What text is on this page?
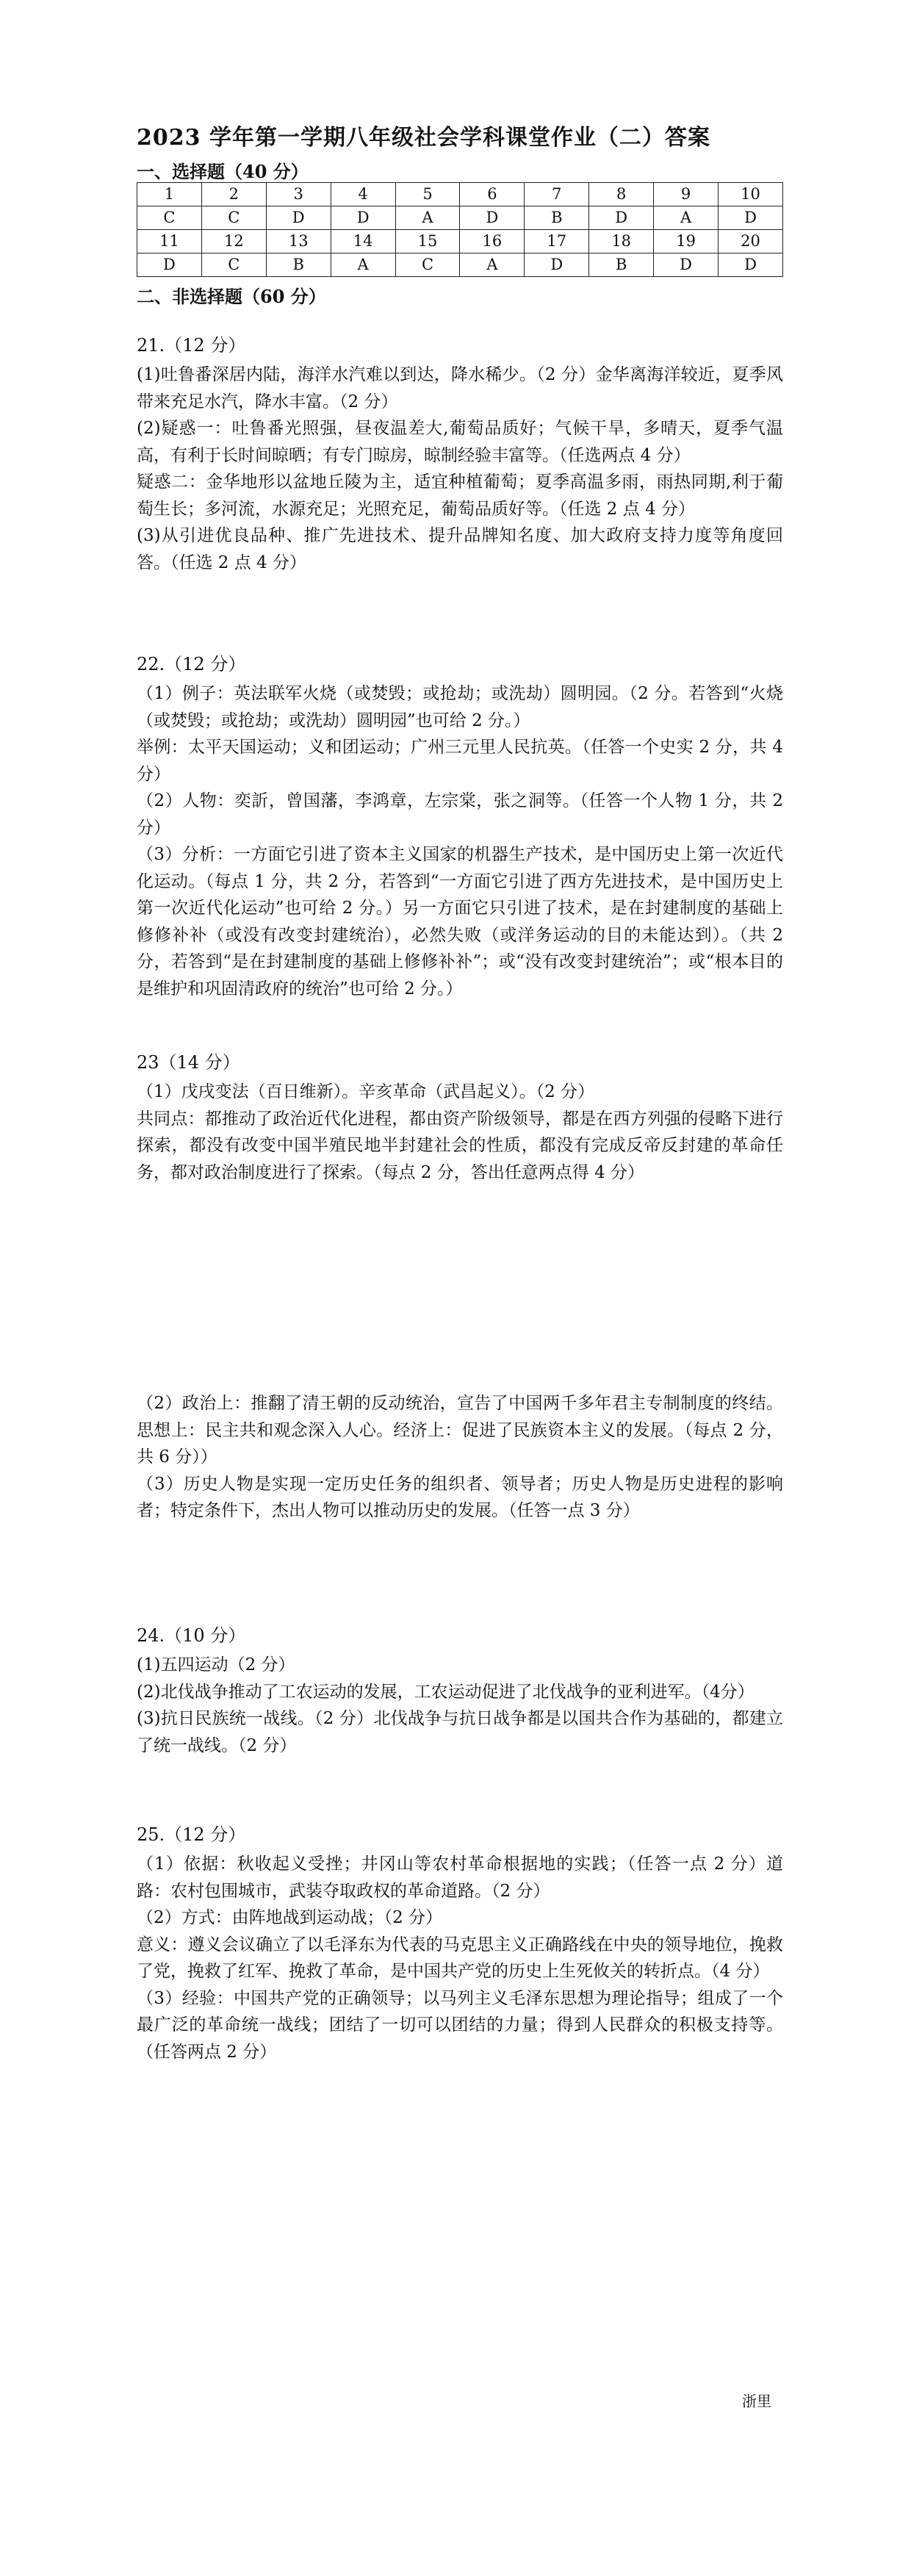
2023 学年第一学期八年级社会学科课堂作业（二）答案
一、选择题（40 分）
1	2	3	4	5	6	7	8	9	10
C	C	D	D	A	D	B	D	A	D
11	12	13	14	15	16	17	18	19	20
D	C	B	A	C	A	D	B	D	D
二、非选择题（60 分）
21.（12 分）

(1)吐鲁番深居内陆，海洋水汽难以到达，降水稀少。（2 分）金华离海洋较近，夏季风带来充足水汽，降水丰富。（2 分）

(2)疑惑一：吐鲁番光照强，昼夜温差大,葡萄品质好；气候干旱，多晴天，夏季气温高，有利于长时间晾晒；有专门晾房，晾制经验丰富等。（任选两点 4 分）

疑惑二：金华地形以盆地丘陵为主，适宜种植葡萄；夏季高温多雨，雨热同期,利于葡萄生长；多河流，水源充足；光照充足，葡萄品质好等。（任选 2 点 4 分）

(3)从引进优良品种、推广先进技术、提升品牌知名度、加大政府支持力度等角度回答。（任选 2 点 4 分）

22.（12 分）

（1）例子：英法联军火烧（或焚毁；或抢劫；或洗劫）圆明园。（2 分。若答到“火烧（或焚毁；或抢劫；或洗劫）圆明园”也可给 2 分。）

举例：太平天国运动；义和团运动；广州三元里人民抗英。（任答一个史实 2 分，共 4 分）

（2）人物：奕訢，曾国藩，李鸿章，左宗棠，张之洞等。（任答一个人物 1 分，共 2 分）

（3）分析：一方面它引进了资本主义国家的机器生产技术，是中国历史上第一次近代化运动。（每点 1 分，共 2 分，若答到“一方面它引进了西方先进技术，是中国历史上第一次近代化运动”也可给 2 分。）另一方面它只引进了技术，是在封建制度的基础上修修补补（或没有改变封建统治），必然失败（或洋务运动的目的未能达到）。（共 2 分，若答到“是在封建制度的基础上修修补补”；或“没有改变封建统治”；或“根本目的是维护和巩固清政府的统治”也可给 2 分。）

23（14 分）

（1）戊戌变法（百日维新）。辛亥革命（武昌起义）。（2 分）

共同点：都推动了政治近代化进程，都由资产阶级领导，都是在西方列强的侵略下进行探索，都没有改变中国半殖民地半封建社会的性质，都没有完成反帝反封建的革命任务，都对政治制度进行了探索。（每点 2 分，答出任意两点得 4 分）

（2）政治上：推翻了清王朝的反动统治，宣告了中国两千多年君主专制制度的终结。思想上：民主共和观念深入人心。经济上：促进了民族资本主义的发展。（每点 2 分，共 6 分））

（3）历史人物是实现一定历史任务的组织者、领导者；历史人物是历史进程的影响者；特定条件下，杰出人物可以推动历史的发展。（任答一点 3 分）

24.（10 分）

(1)五四运动（2 分）

(2)北伐战争推动了工农运动的发展，工农运动促进了北伐战争的亚利进军。（4分）

(3)抗日民族统一战线。（2 分）北伐战争与抗日战争都是以国共合作为基础的，都建立了统一战线。（2 分）

25.（12 分）

（1）依据：秋收起义受挫；井冈山等农村革命根据地的实践；（任答一点 2 分）道路：农村包围城市，武装夺取政权的革命道路。（2 分）

（2）方式：由阵地战到运动战；（2 分）

意义：遵义会议确立了以毛泽东为代表的马克思主义正确路线在中央的领导地位，挽救了党，挽救了红军、挽救了革命，是中国共产党的历史上生死攸关的转折点。（4 分）

（3）经验：中国共产党的正确领导；以马列主义毛泽东思想为理论指导；组成了一个最广泛的革命统一战线；团结了一切可以团结的力量；得到人民群众的积极支持等。（任答两点 2 分）

浙里
